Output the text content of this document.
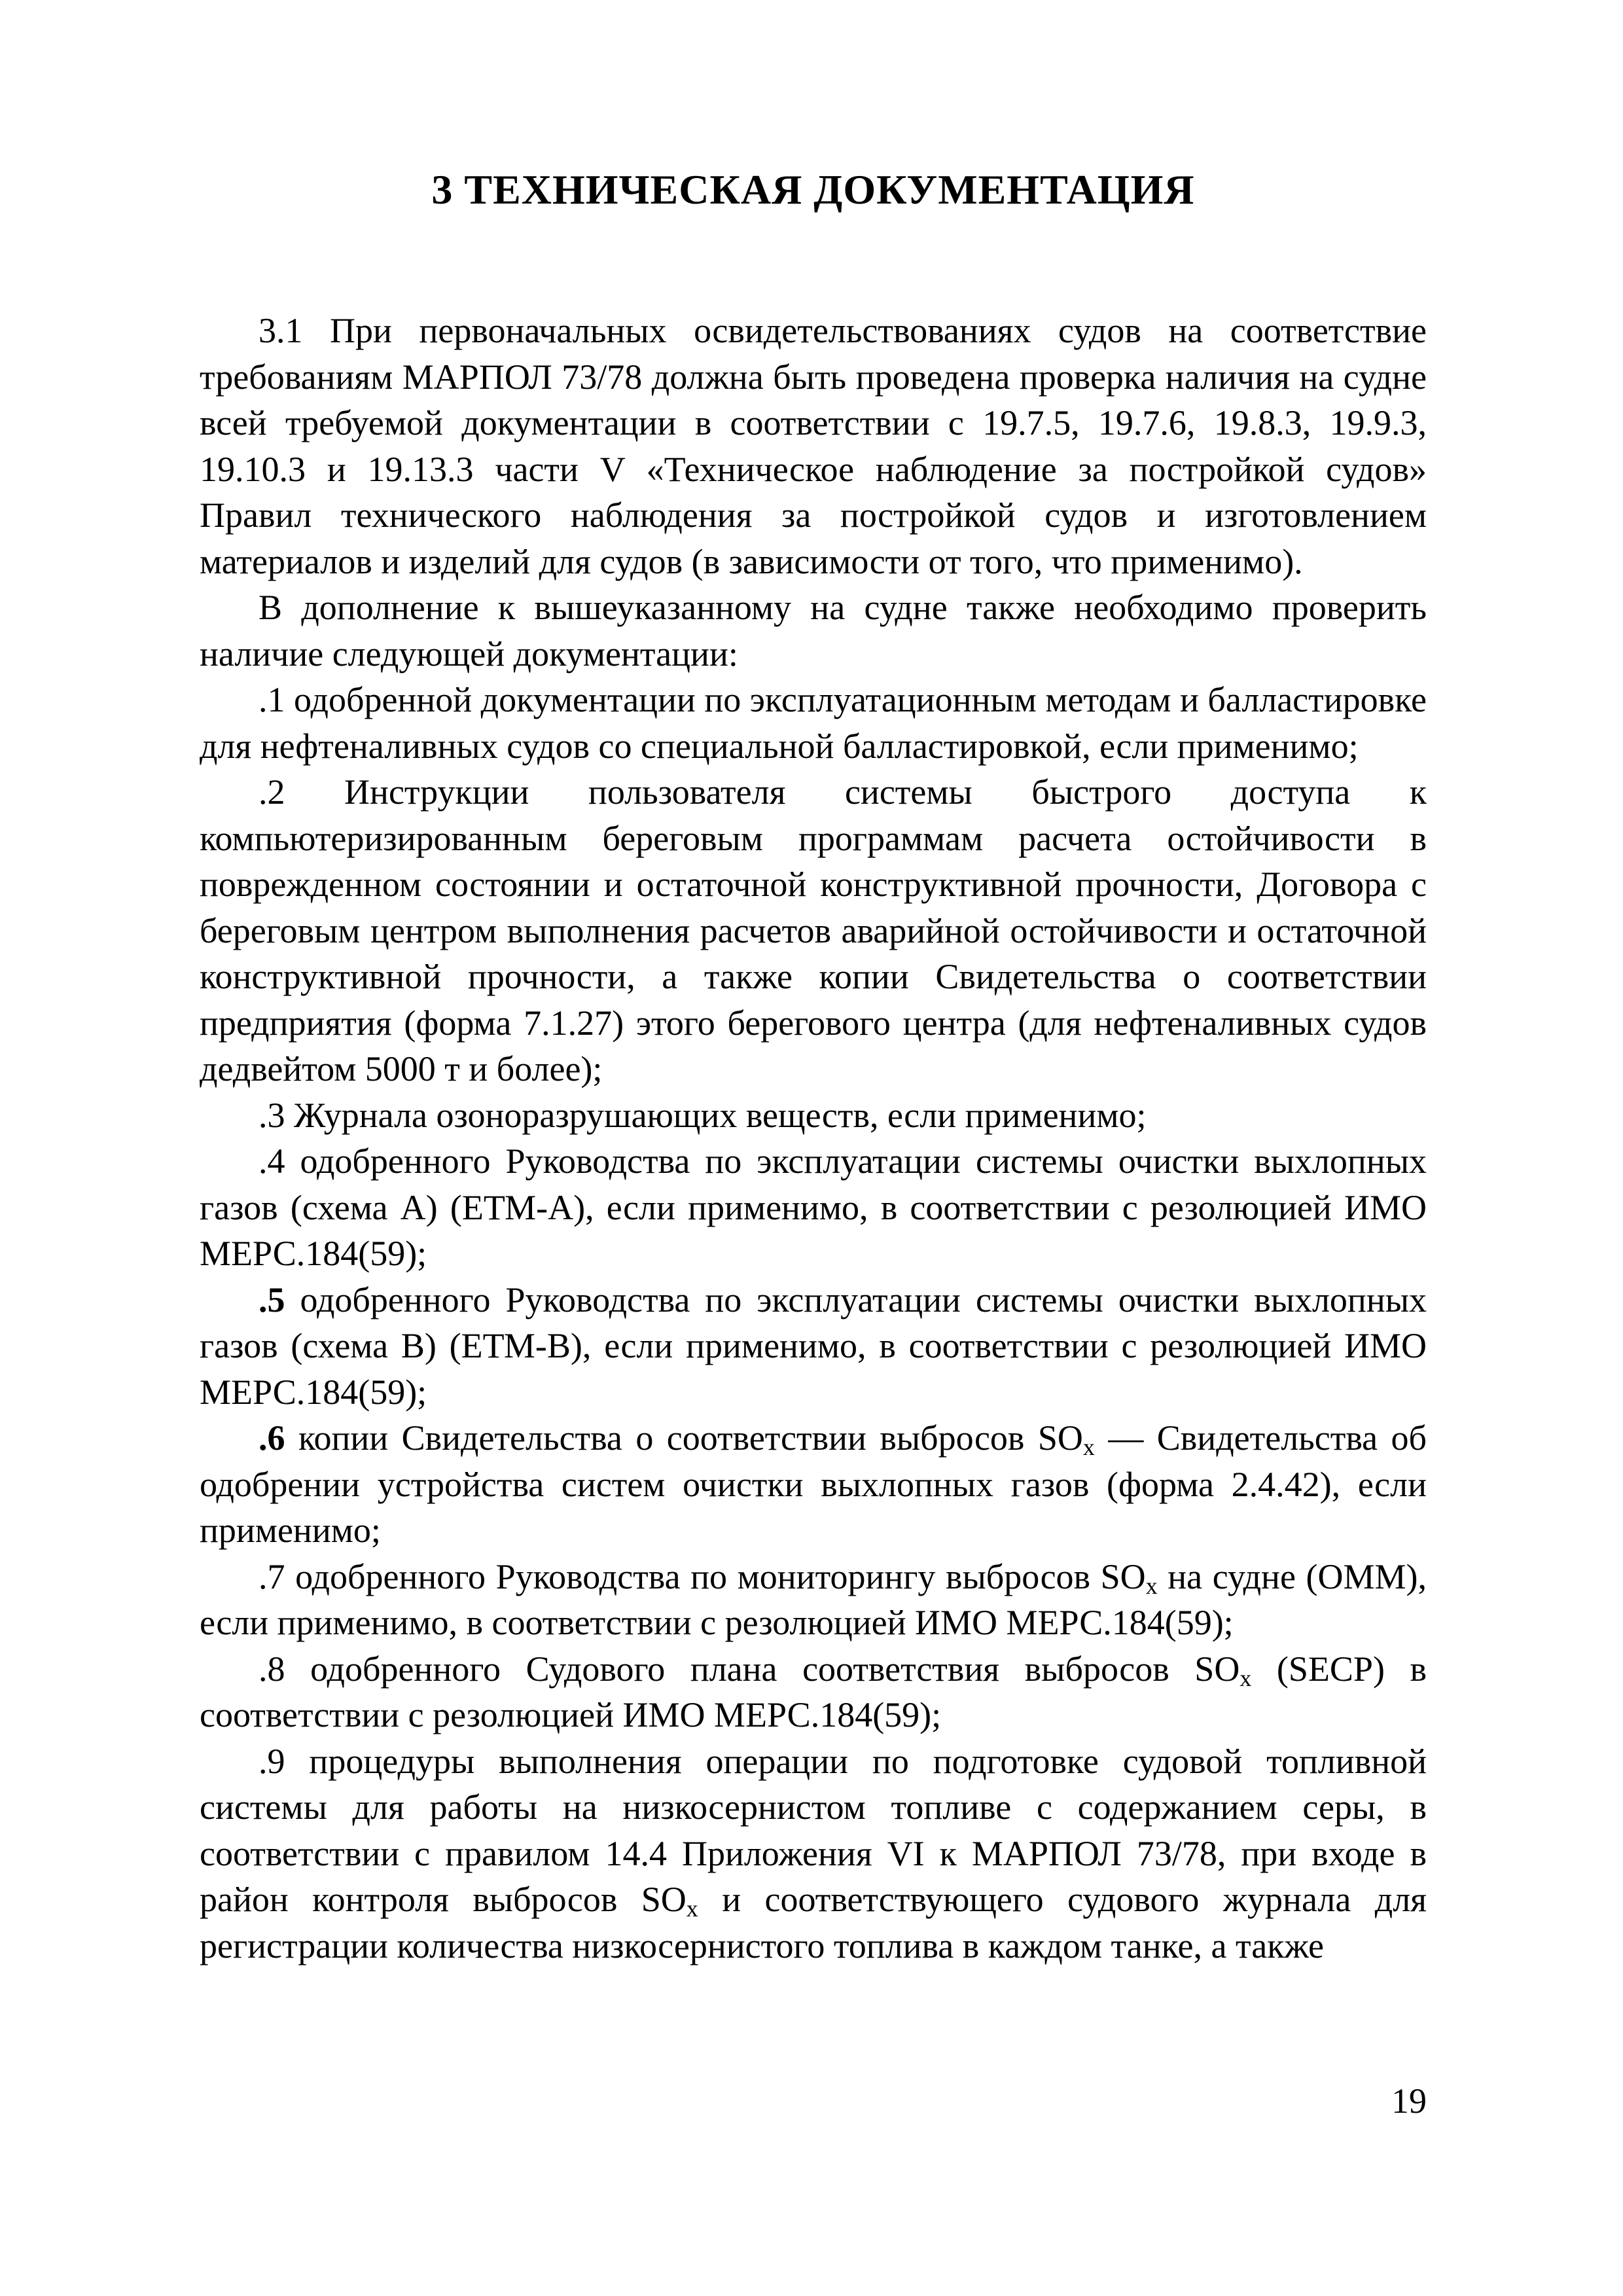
3 ТЕХНИЧЕСКАЯ ДОКУМЕНТАЦИЯ

3.1 При первоначальных освидетельствованиях судов на соответствие требованиям МАРПОЛ 73/78 должна быть проведена проверка наличия на судне всей требуемой документации в соответствии с 19.7.5, 19.7.6, 19.8.3, 19.9.3, 19.10.3 и 19.13.3 части V «Техническое наблюдение за постройкой судов» Правил технического наблюдения за постройкой судов и изготовлением материалов и изделий для судов (в зависимости от того, что применимо).

В дополнение к вышеуказанному на судне также необходимо проверить наличие следующей документации:

.1 одобренной документации по эксплуатационным методам и балластировке для нефтеналивных судов со специальной балластировкой, если применимо;

.2 Инструкции пользователя системы быстрого доступа к компьютеризированным береговым программам расчета остойчивости в поврежденном состоянии и остаточной конструктивной прочности, Договора с береговым центром выполнения расчетов аварийной остойчивости и остаточной конструктивной прочности, а также копии Свидетельства о соответствии предприятия (форма 7.1.27) этого берегового центра (для нефтеналивных судов дедвейтом 5000 т и более);

.3 Журнала озоноразрушающих веществ, если применимо;

.4 одобренного Руководства по эксплуатации системы очистки выхлопных газов (схема А) (ЕТМ-А), если применимо, в соответствии с резолюцией ИМО МЕРС.184(59);

.5 одобренного Руководства по эксплуатации системы очистки выхлопных газов (схема В) (ЕТМ-В), если применимо, в соответствии с резолюцией ИМО МЕРС.184(59);

.6 копии Свидетельства о соответствии выбросов $SO_x$ — Свидетельства об одобрении устройства систем очистки выхлопных газов (форма 2.4.42), если применимо;

.7 одобренного Руководства по мониторингу выбросов $SO_x$ на судне (ОММ), если применимо, в соответствии с резолюцией ИМО МЕРС.184(59);

.8 одобренного Судового плана соответствия выбросов $SO_x$ (SECP) в соответствии с резолюцией ИМО МЕРС.184(59);

.9 процедуры выполнения операции по подготовке судовой топливной системы для работы на низкосернистом топливе с содержанием серы, в соответствии с правилом 14.4 Приложения VI к МАРПОЛ 73/78, при входе в район контроля выбросов $SO_x$ и соответствующего судового журнала для регистрации количества низкосернистого топлива в каждом танке, а также

19
